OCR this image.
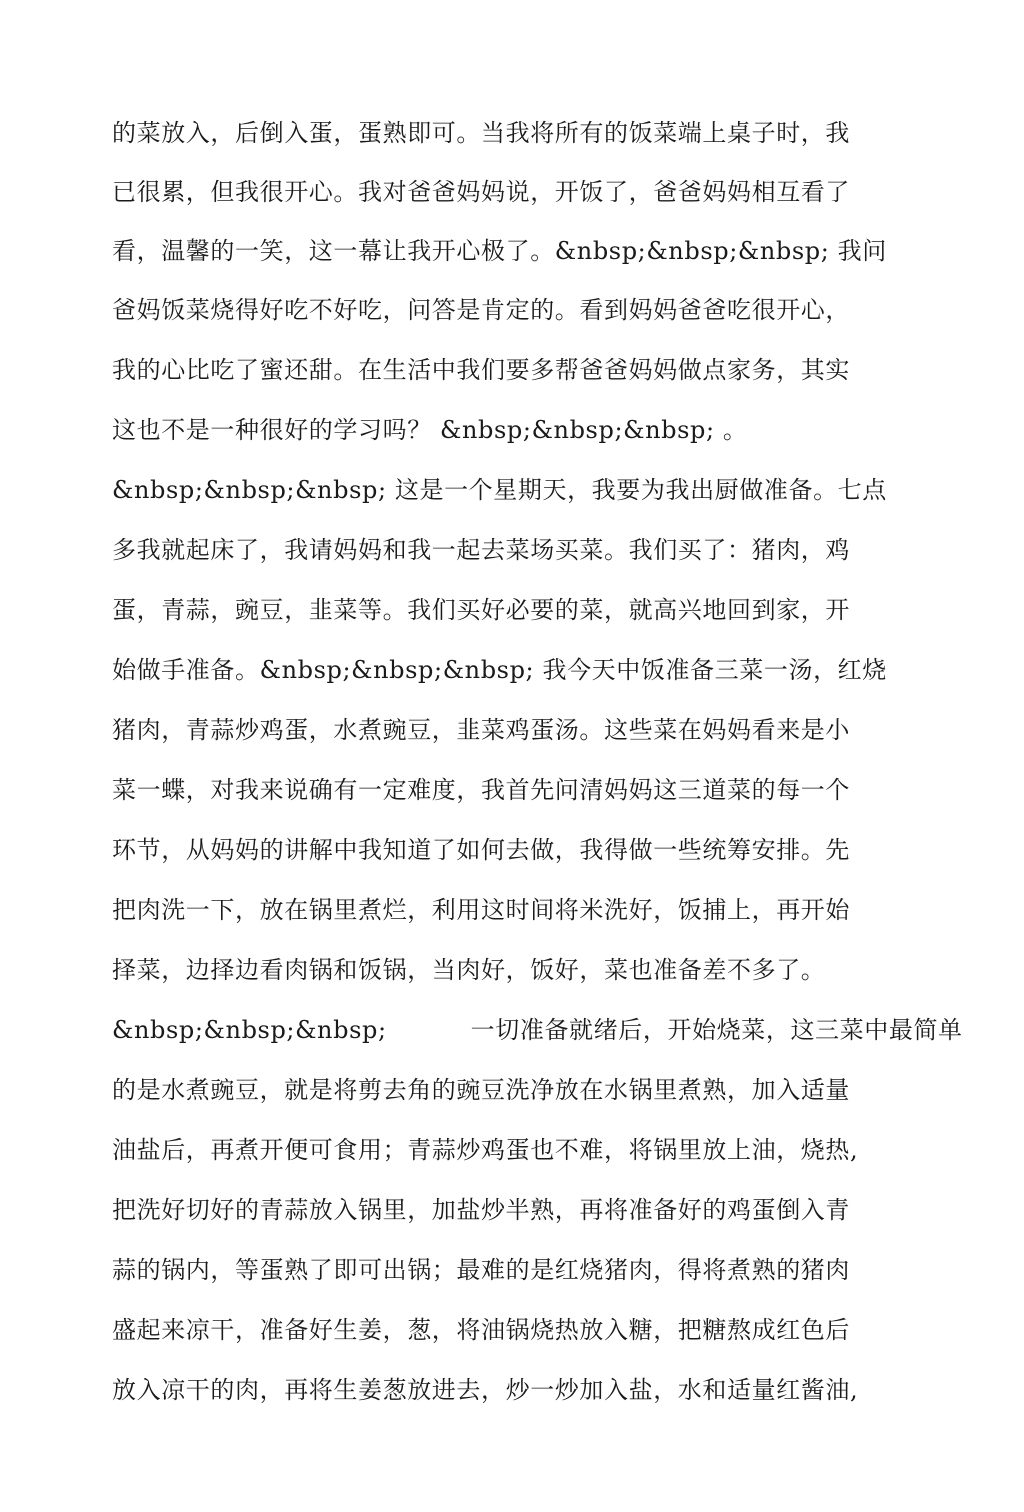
的菜放入，后倒入蛋，蛋熟即可。当我将所有的饭菜端上桌子时，我
已很累，但我很开心。我对爸爸妈妈说，开饭了，爸爸妈妈相互看了
看，温馨的一笑，这一幕让我开心极了。&nbsp;&nbsp;&nbsp; 我问
爸妈饭菜烧得好吃不好吃，问答是肯定的。看到妈妈爸爸吃很开心，
我的心比吃了蜜还甜。在生活中我们要多帮爸爸妈妈做点家务，其实
这也不是一种很好的学习吗？ &nbsp;&nbsp;&nbsp; 。
&nbsp;&nbsp;&nbsp; 这是一个星期天，我要为我出厨做准备。七点
多我就起床了，我请妈妈和我一起去菜场买菜。我们买了：猪肉，鸡
蛋，青蒜，豌豆，韭菜等。我们买好必要的菜，就高兴地回到家，开
始做手准备。&nbsp;&nbsp;&nbsp; 我今天中饭准备三菜一汤，红烧
猪肉，青蒜炒鸡蛋，水煮豌豆，韭菜鸡蛋汤。这些菜在妈妈看来是小
菜一蝶，对我来说确有一定难度，我首先问清妈妈这三道菜的每一个
环节，从妈妈的讲解中我知道了如何去做，我得做一些统筹安排。先
把肉洗一下，放在锅里煮烂，利用这时间将米洗好，饭捕上，再开始
择菜，边择边看肉锅和饭锅，当肉好，饭好，菜也准备差不多了。
&nbsp;&nbsp;&nbsp;	一切准备就绪后，开始烧菜，这三菜中最简单
的是水煮豌豆，就是将剪去角的豌豆洗净放在水锅里煮熟，加入适量
油盐后，再煮开便可食用；青蒜炒鸡蛋也不难，将锅里放上油，烧热,
把洗好切好的青蒜放入锅里，加盐炒半熟，再将准备好的鸡蛋倒入青
蒜的锅内，等蛋熟了即可出锅；最难的是红烧猪肉，得将煮熟的猪肉
盛起来凉干，准备好生姜，葱，将油锅烧热放入糖，把糖熬成红色后
放入凉干的肉，再将生姜葱放进去，炒一炒加入盐，水和适量红酱油,
